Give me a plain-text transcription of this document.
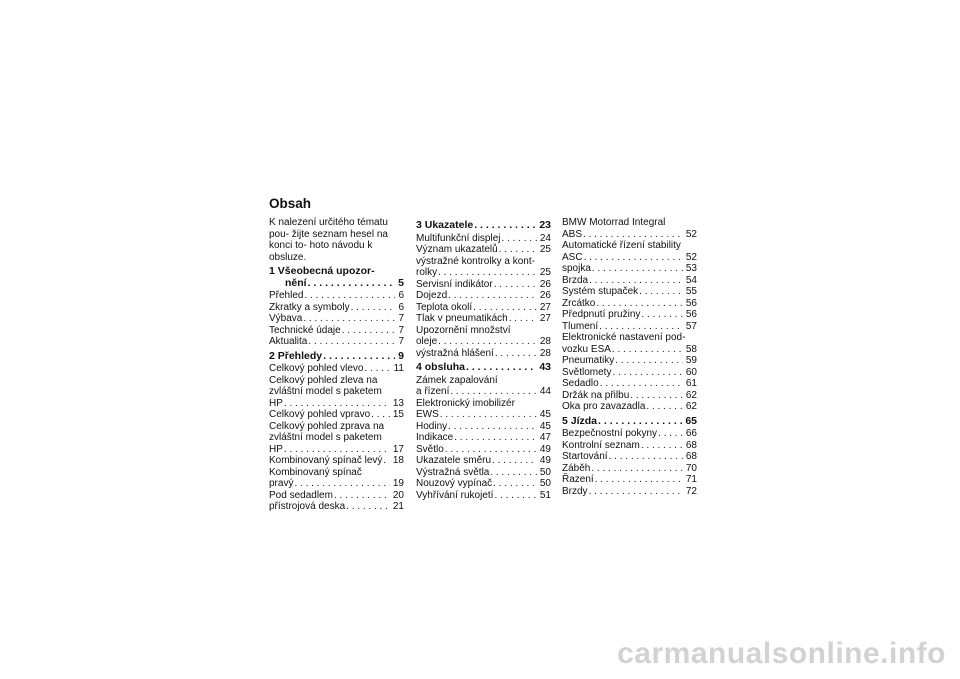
Obsah

K nalezení určitého tématu pou- žijte seznam hesel na konci to- hoto návodu k obsluze.

1 Všeobecná upozor-
nění . . .	5
Přehled . . .	6
Zkratky a symboly . . .	6
Výbava . . .	7
Technické údaje . . .	7
Aktualita . . .	7
2 Přehledy . . .	9
Celkový pohled vlevo . . .	11
Celkový pohled zleva na
zvláštní model s paketem
HP . . .	13
Celkový pohled vpravo . . . 15
Celkový pohled zprava na
zvláštní model s paketem
HP . . .	17
Kombinovaný spínač levý . . . 18
Kombinovaný spínač
pravý . . .	19
Pod sedadlem . . .	20
přístrojová deska . . .	21
3 Ukazatele . . .	23
Multifunkční displej . . .	24
Význam ukazatelů . . .	25
výstražné kontrolky a kont-
rolky . . .	25
Servisní indikátor . . .	26
Dojezd . . .	26
Teplota okolí . . .	27
Tlak v pneumatikách . . .	27
Upozornění množství
oleje . . .	28
výstražná hlášení . . .	28
4 obsluha . . .	43
Zámek zapalování
a řízení . . .	44
Elektronický imobilizér
EWS . . .	45
Hodiny . . .	45
Indikace . . .	47
Světlo . . .	49
Ukazatele směru . . .	49
Výstražná světla . . .	50
Nouzový vypínač . . .	50
Vyhřívání rukojetí . . .	51
BMW Motorrad Integral
ABS . . .	52
Automatické řízení stability
ASC . . .	52
spojka . . .	53
Brzda . . .	54
Systém stupaček . . .	55
Zrcátko . . .	56
Předpnutí pružiny . . .	56
Tlumení . . .	57
Elektronické nastavení pod-
vozku ESA . . .	58
Pneumatiky . . .	59
Světlomety . . .	60
Sedadlo . . .	61
Držák na přilbu . . .	62
Oka pro zavazadla . . .	62
5 Jízda . . .	65
Bezpečnostní pokyny . . .	66
Kontrolní seznam . . .	68
Startování . . .	68
Záběh . . .	70
Řazení . . .	71
Brzdy . . .	72
carmanualsonline.info
